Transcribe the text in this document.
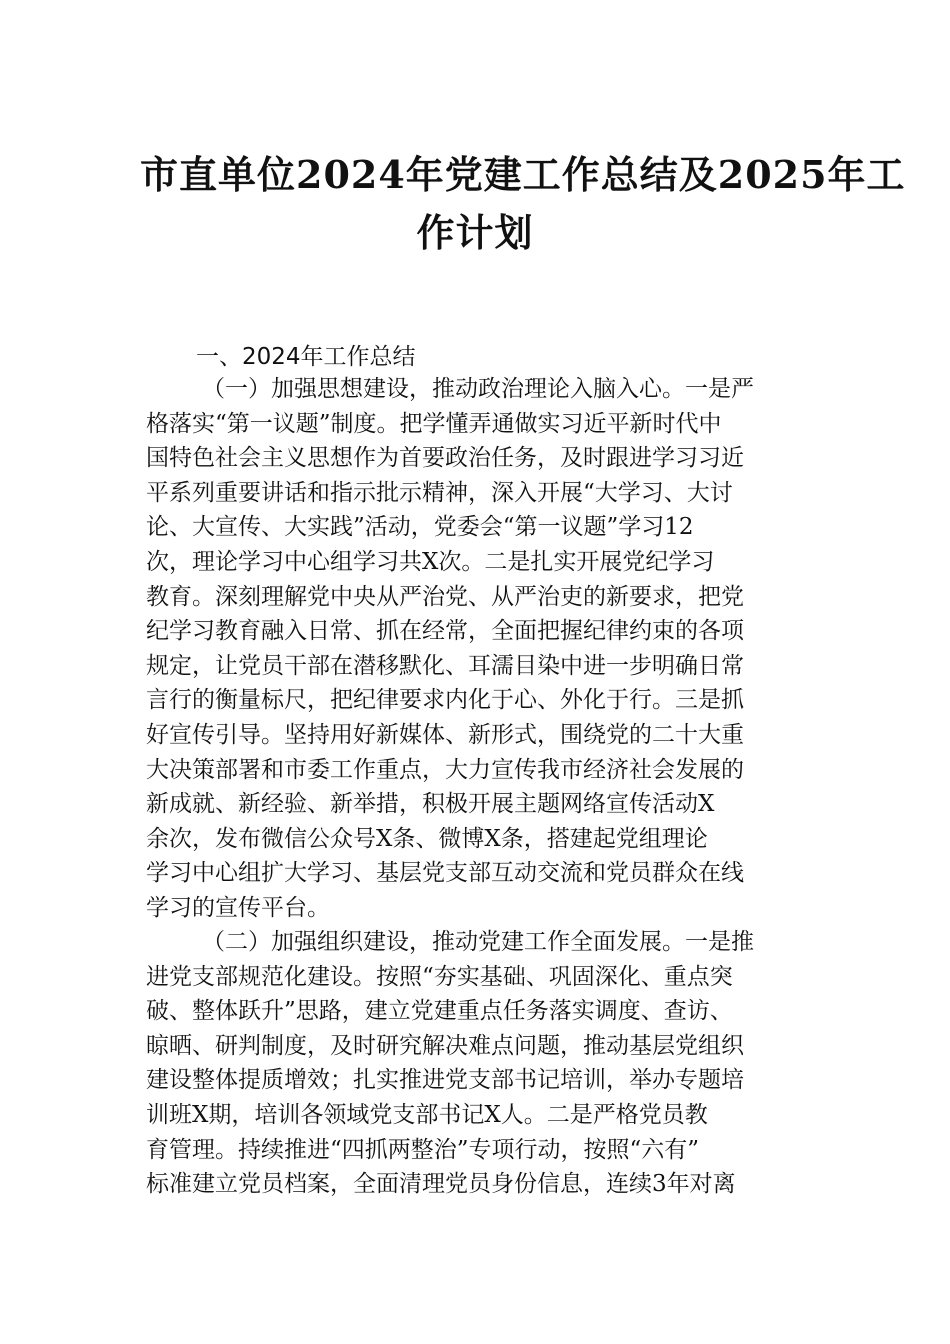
市直单位2024年党建工作总结及2025年工
作计划
一、2024年工作总结
（一）加强思想建设，推动政治理论入脑入心。一是严
格落实“第一议题”制度。把学懂弄通做实习近平新时代中
国特色社会主义思想作为首要政治任务，及时跟进学习习近
平系列重要讲话和指示批示精神，深入开展“大学习、大讨
论、大宣传、大实践”活动，党委会“第一议题”学习12
次，理论学习中心组学习共X次。二是扎实开展党纪学习
教育。深刻理解党中央从严治党、从严治吏的新要求，把党
纪学习教育融入日常、抓在经常，全面把握纪律约束的各项
规定，让党员干部在潜移默化、耳濡目染中进一步明确日常
言行的衡量标尺，把纪律要求内化于心、外化于行。三是抓
好宣传引导。坚持用好新媒体、新形式，围绕党的二十大重
大决策部署和市委工作重点，大力宣传我市经济社会发展的
新成就、新经验、新举措，积极开展主题网络宣传活动X
余次，发布微信公众号X条、微博X条，搭建起党组理论
学习中心组扩大学习、基层党支部互动交流和党员群众在线
学习的宣传平台。
（二）加强组织建设，推动党建工作全面发展。一是推
进党支部规范化建设。按照“夯实基础、巩固深化、重点突
破、整体跃升”思路，建立党建重点任务落实调度、查访、
晾晒、研判制度，及时研究解决难点问题，推动基层党组织
建设整体提质增效；扎实推进党支部书记培训，举办专题培
训班X期，培训各领域党支部书记X人。二是严格党员教
育管理。持续推进“四抓两整治”专项行动，按照“六有”
标准建立党员档案，全面清理党员身份信息，连续3年对离
